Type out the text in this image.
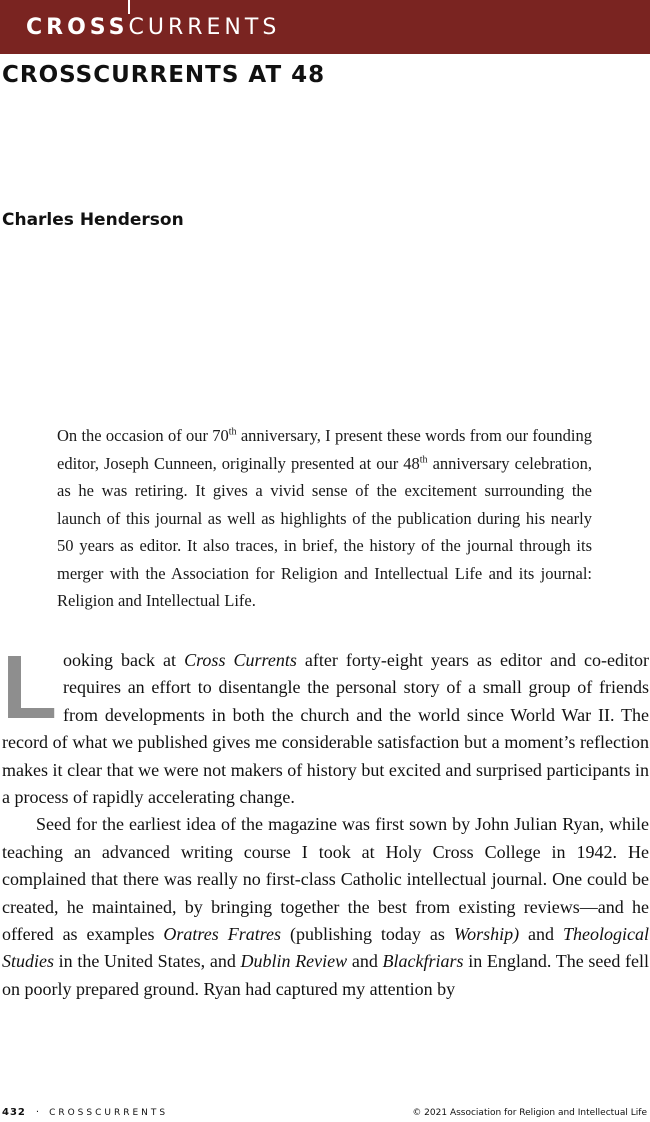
CROSSCURRENTS
CROSSCURRENTS AT 48
Charles Henderson

On the occasion of our 70th anniversary, I present these words from our founding editor, Joseph Cunneen, originally presented at our 48th anniversary celebration, as he was retiring. It gives a vivid sense of the excitement surrounding the launch of this journal as well as highlights of the publication during his nearly 50 years as editor. It also traces, in brief, the history of the journal through its merger with the Association for Religion and Intellectual Life and its journal: Religion and Intellectual Life.

Looking back at Cross Currents after forty-eight years as editor and co-editor requires an effort to disentangle the personal story of a small group of friends from developments in both the church and the world since World War II. The record of what we published gives me considerable satisfaction but a moment’s reflection makes it clear that we were not makers of history but excited and surprised participants in a process of rapidly accelerating change.

Seed for the earliest idea of the magazine was first sown by John Julian Ryan, while teaching an advanced writing course I took at Holy Cross College in 1942. He complained that there was really no first-class Catholic intellectual journal. One could be created, he maintained, by bringing together the best from existing reviews—and he offered as examples Oratres Fratres (publishing today as Worship) and Theological Studies in the United States, and Dublin Review and Blackfriars in England. The seed fell on poorly prepared ground. Ryan had captured my attention by

432 · CROSSCURRENTS	© 2021 Association for Religion and Intellectual Life
